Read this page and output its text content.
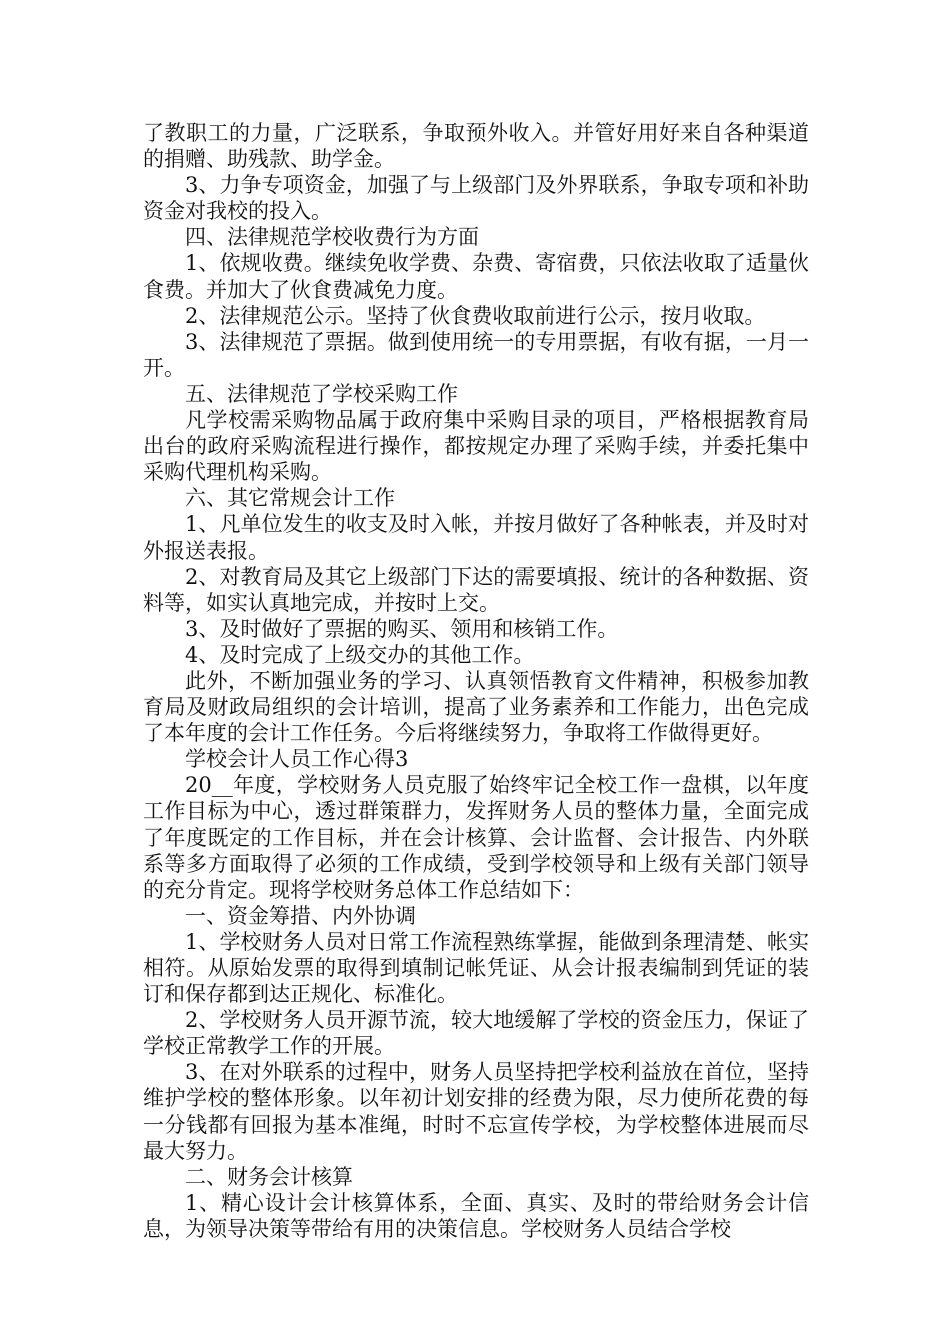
了教职工的力量，广泛联系，争取预外收入。并管好用好来自各种渠道的捐赠、助残款、助学金。

3、力争专项资金，加强了与上级部门及外界联系，争取专项和补助资金对我校的投入。

四、法律规范学校收费行为方面

1、依规收费。继续免收学费、杂费、寄宿费，只依法收取了适量伙食费。并加大了伙食费减免力度。

2、法律规范公示。坚持了伙食费收取前进行公示，按月收取。

3、法律规范了票据。做到使用统一的专用票据，有收有据，一月一开。

五、法律规范了学校采购工作

凡学校需采购物品属于政府集中采购目录的项目，严格根据教育局出台的政府采购流程进行操作，都按规定办理了采购手续，并委托集中采购代理机构采购。

六、其它常规会计工作

1、凡单位发生的收支及时入帐，并按月做好了各种帐表，并及时对外报送表报。

2、对教育局及其它上级部门下达的需要填报、统计的各种数据、资料等，如实认真地完成，并按时上交。

3、及时做好了票据的购买、领用和核销工作。

4、及时完成了上级交办的其他工作。

此外，不断加强业务的学习、认真领悟教育文件精神，积极参加教育局及财政局组织的会计培训，提高了业务素养和工作能力，出色完成了本年度的会计工作任务。今后将继续努力，争取将工作做得更好。

学校会计人员工作心得3

20__年度，学校财务人员克服了始终牢记全校工作一盘棋，以年度工作目标为中心，透过群策群力，发挥财务人员的整体力量，全面完成了年度既定的工作目标，并在会计核算、会计监督、会计报告、内外联系等多方面取得了必须的工作成绩，受到学校领导和上级有关部门领导的充分肯定。现将学校财务总体工作总结如下：

一、资金筹措、内外协调

1、学校财务人员对日常工作流程熟练掌握，能做到条理清楚、帐实相符。从原始发票的取得到填制记帐凭证、从会计报表编制到凭证的装订和保存都到达正规化、标准化。

2、学校财务人员开源节流，较大地缓解了学校的资金压力，保证了学校正常教学工作的开展。

3、在对外联系的过程中，财务人员坚持把学校利益放在首位，坚持维护学校的整体形象。以年初计划安排的经费为限，尽力使所花费的每一分钱都有回报为基本准绳，时时不忘宣传学校，为学校整体进展而尽最大努力。

二、财务会计核算

1、精心设计会计核算体系，全面、真实、及时的带给财务会计信息，为领导决策等带给有用的决策信息。学校财务人员结合学校
